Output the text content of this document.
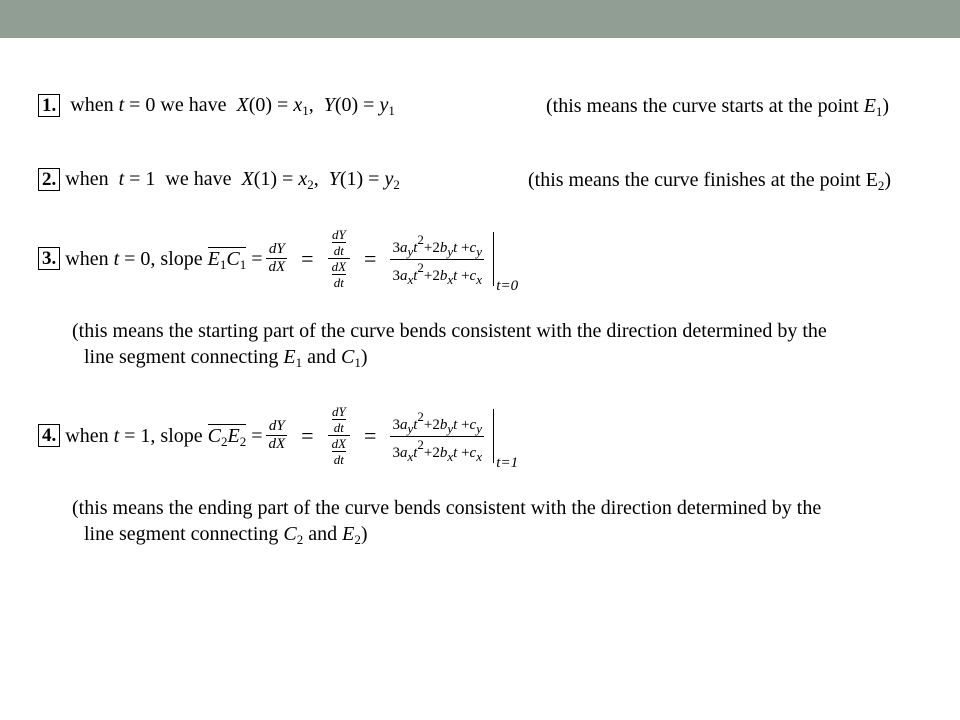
1. when t = 0 we have  $X(0) = x_1$,  $Y(0) = y_1$	(this means the curve starts at the point $E_1$)
2. when  t = 1  we have  $X(1) = x_2$,  $Y(1) = y_2$	(this means the curve finishes at the point $E_2$)
3. when t = 0, slope $E_1C_1 = \frac{dY}{dX} = \frac{\frac{dY}{dt}}{\frac{dX}{dt}} = \frac{\text{3ayt2+2byt +cy}}{\text{3axt2+2bxt +cx}} t=0$
(this means the starting part of the curve bends consistent with the direction determined by the
line segment connecting $E_1$ and $C_1$)
4. when t = 1, slope $C_2E_2 = \frac{dY}{dX} = \frac{\frac{dY}{dt}}{\frac{dX}{dt}} = \frac{\text{3ayt2+2byt +cy}}{\text{3axt2+2bxt +cx}} t=1$
(this means the ending part of the curve bends consistent with the direction determined by the
line segment connecting $C_2$ and $E_2$)
